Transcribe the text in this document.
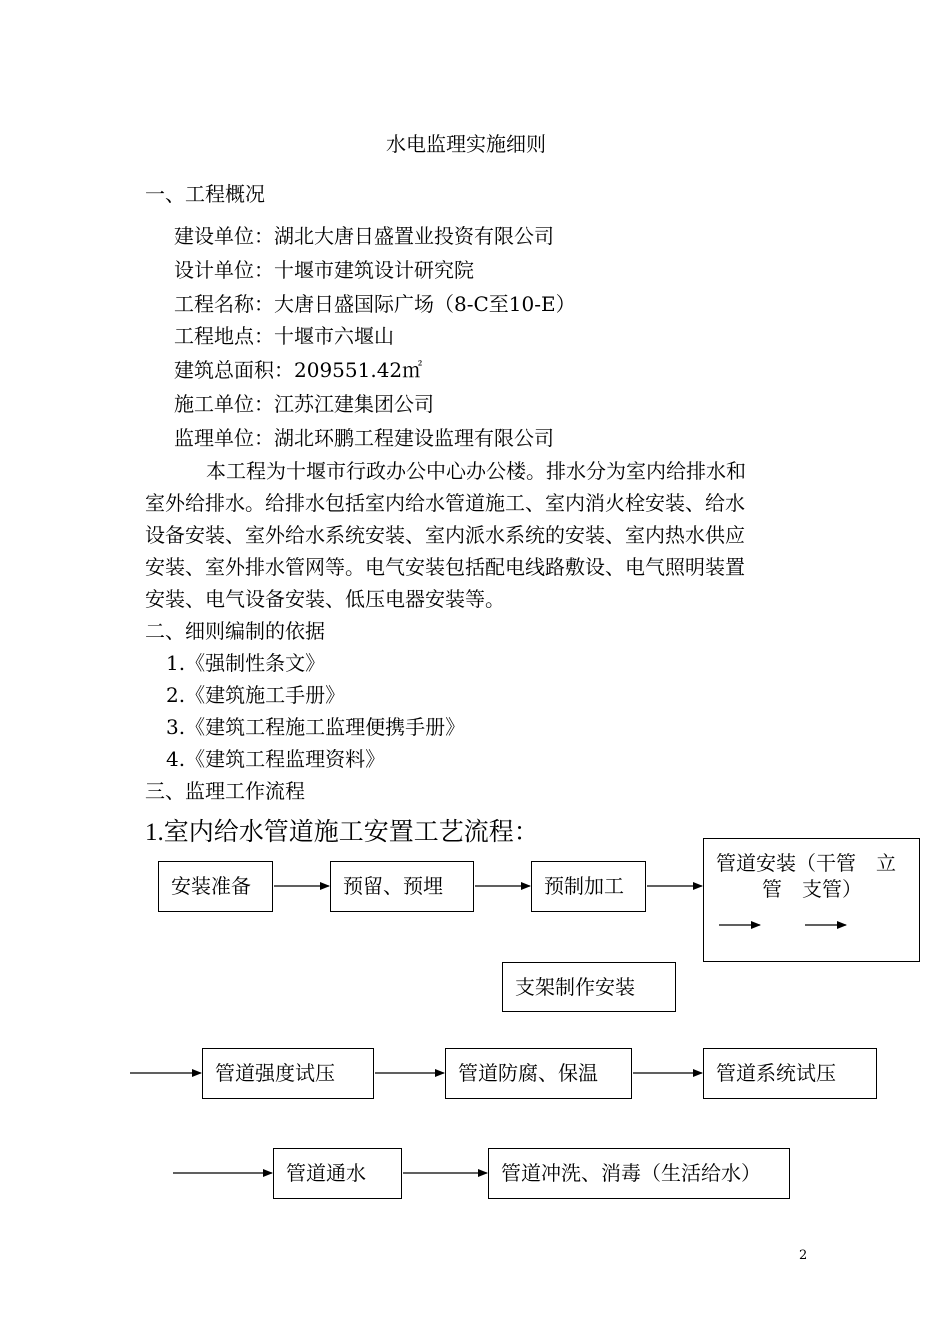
水电监理实施细则
一、工程概况
建设单位：湖北大唐日盛置业投资有限公司
设计单位：十堰市建筑设计研究院
工程名称：大唐日盛国际广场（8-C至10-E）
工程地点：十堰市六堰山
建筑总面积：209551.42㎡
施工单位：江苏江建集团公司
监理单位：湖北环鹏工程建设监理有限公司
本工程为十堰市行政办公中心办公楼。排水分为室内给排水和
室外给排水。给排水包括室内给水管道施工、室内消火栓安装、给水
设备安装、室外给水系统安装、室内派水系统的安装、室内热水供应
安装、室外排水管网等。电气安装包括配电线路敷设、电气照明装置
安装、电气设备安装、低压电器安装等。
二、细则编制的依据
1.《强制性条文》
2.《建筑施工手册》
3.《建筑工程施工监理便携手册》
4.《建筑工程监理资料》
三、监理工作流程
1.室内给水管道施工安置工艺流程：
安装准备	预留、预埋	预制加工
管道安装（干管　立
管　支管）
支架制作安装
管道强度试压	管道防腐、保温	管道系统试压
管道通水	管道冲洗、消毒（生活给水）
2
